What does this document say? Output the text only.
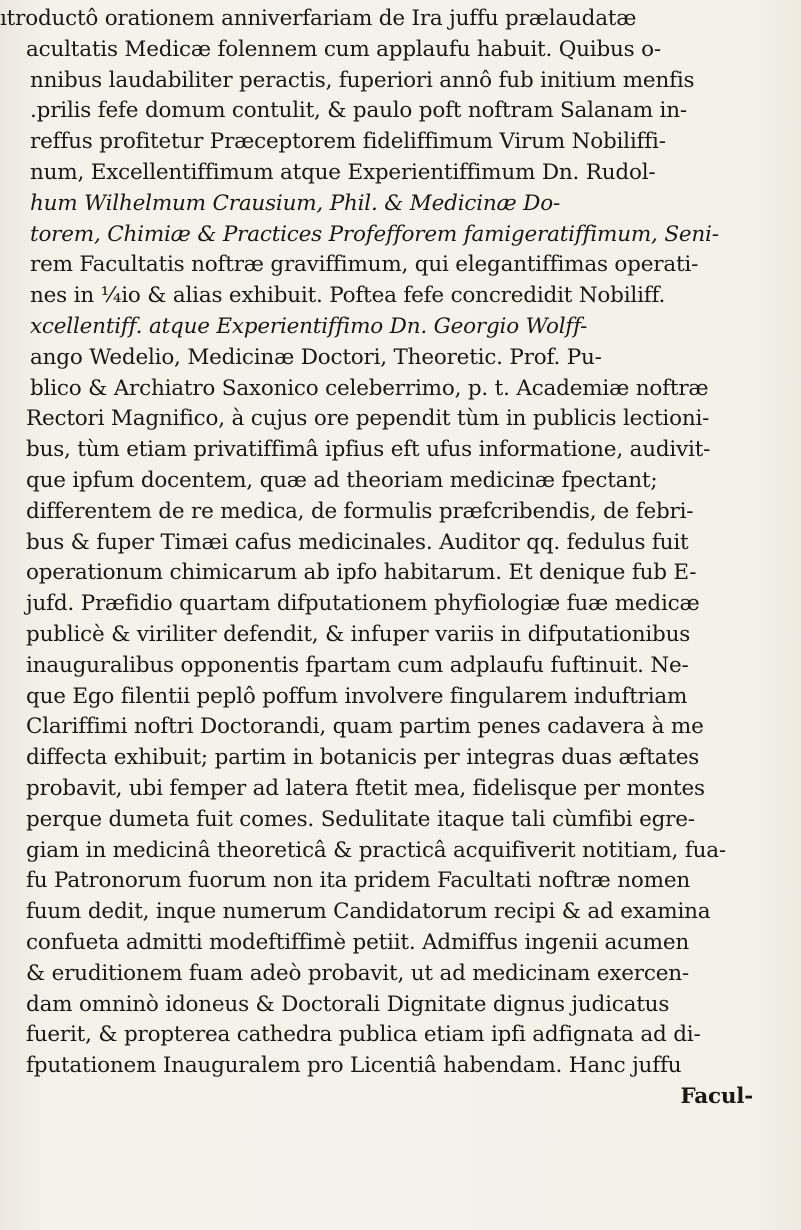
ıtroductô orationem anniverfariam de Ira juffu prælaudatæ
acultatis Medicæ folennem cum applaufu habuit. Quibus o-
nnibus laudabiliter peractis, fuperiori annô fub initium menfis
.prilis fefe domum contulit, & paulo poft noftram Salanam in-
reffus profitetur Præceptorem fideliffimum Virum Nobiliffi-
num, Excellentiffimum atque Experientiffimum Dn. Rudol-
hum Wilhelmum Crausium, Phil. & Medicinæ Do-
torem, Chimiæ & Practices Profefforem famigeratiffimum, Seni-
rem Facultatis noftræ graviffimum, qui elegantiffimas operati-
nes in ¼io & alias exhibuit. Poftea fefe concredidit Nobiliff.
xcellentiff. atque Experientiffimo Dn. Georgio Wolff-
ango Wedelio, Medicinæ Doctori, Theoretic. Prof. Pu-
blico & Archiatro Saxonico celeberrimo, p. t. Academiæ noftræ
Rectori Magnifico, à cujus ore pependit tùm in publicis lectioni-
bus, tùm etiam privatiffimâ ipfius eft ufus informatione, audivit-
que ipfum docentem, quæ ad theoriam medicinæ fpectant;
differentem de re medica, de formulis præfcribendis, de febri-
bus & fuper Timæi cafus medicinales. Auditor qq. fedulus fuit
operationum chimicarum ab ipfo habitarum. Et denique fub E-
jufd. Præfidio quartam difputationem phyfiologiæ fuæ medicæ
publicè & viriliter defendit, & infuper variis in difputationibus
inauguralibus opponentis fpartam cum adplaufu fuftinuit. Ne-
que Ego filentii peplô poffum involvere fingularem induftriam
Clariffimi noftri Doctorandi, quam partim penes cadavera à me
diffecta exhibuit; partim in botanicis per integras duas æftates
probavit, ubi femper ad latera ftetit mea, fidelisque per montes
perque dumeta fuit comes. Sedulitate itaque tali cùmfibi egre-
giam in medicinâ theoreticâ & practicâ acquifiverit notitiam, fua-
fu Patronorum fuorum non ita pridem Facultati noftræ nomen
fuum dedit, inque numerum Candidatorum recipi & ad examina
confueta admitti modeftiffimè petiit. Admiffus ingenii acumen
& eruditionem fuam adeò probavit, ut ad medicinam exercen-
dam omninò idoneus & Doctorali Dignitate dignus judicatus
fuerit, & propterea cathedra publica etiam ipfi adfignata ad di-
fputationem Inauguralem pro Licentiâ habendam. Hanc juffu
Facul-
